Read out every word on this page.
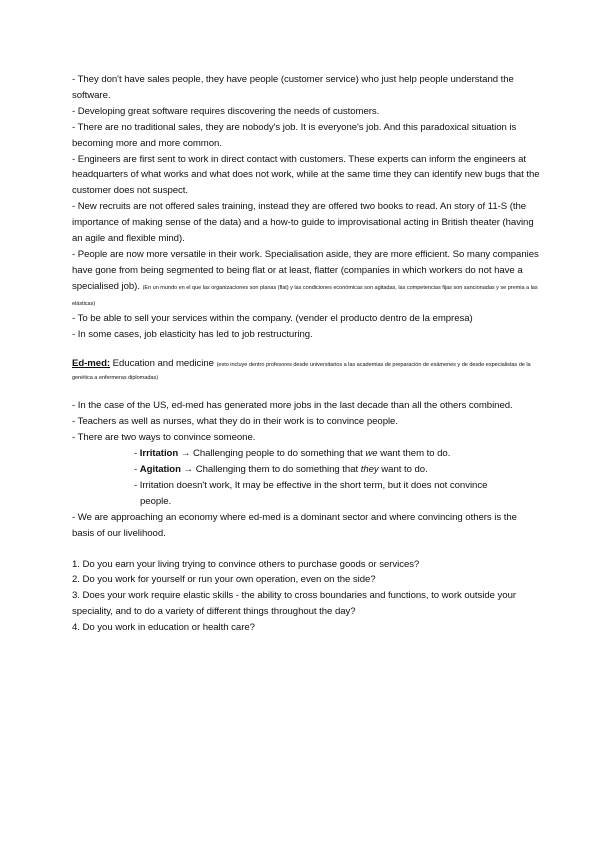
- They don't have sales people, they have people (customer service) who just help people understand the software.

- Developing great software requires discovering the needs of customers.

- There are no traditional sales, they are nobody's job. It is everyone's job. And this paradoxical situation is becoming more and more common.

- Engineers are first sent to work in direct contact with customers. These experts can inform the engineers at headquarters of what works and what does not work, while at the same time they can identify new bugs that the customer does not suspect.

- New recruits are not offered sales training, instead they are offered two books to read. An story of 11-S (the importance of making sense of the data) and a how-to guide to improvisational acting in British theater (having an agile and flexible mind).

- People are now more versatile in their work. Specialisation aside, they are more efficient. So many companies have gone from being segmented to being flat or at least, flatter (companies in which workers do not have a specialised job). (En un mundo en el que las organizaciones son planas (flat) y las condiciones económicas son agitadas, las competencias fijas son sancionadas y se premia a las elásticas)

- To be able to sell your services within the company. (vender el producto dentro de la empresa)

- In some cases, job elasticity has led to job restructuring.

Ed-med: Education and medicine (esto incluye dentro profesores desde universitarios a las academias de preparación de exámenes y de desde especialistas de la genética a enfermeras diplomadas)

- In the case of the US, ed-med has generated more jobs in the last decade than all the others combined.

- Teachers as well as nurses, what they do in their work is to convince people.

- There are two ways to convince someone.

- Irritation → Challenging people to do something that we want them to do.

- Agitation → Challenging them to do something that they want to do.

- Irritation doesn't work, It may be effective in the short term, but it does not convince

people.

- We are approaching an economy where ed-med is a dominant sector and where convincing others is the basis of our livelihood.

1. Do you earn your living trying to convince others to purchase goods or services?

2. Do you work for yourself or run your own operation, even on the side?

3. Does your work require elastic skills - the ability to cross boundaries and functions, to work outside your speciality, and to do a variety of different things throughout the day?

4. Do you work in education or health care?
